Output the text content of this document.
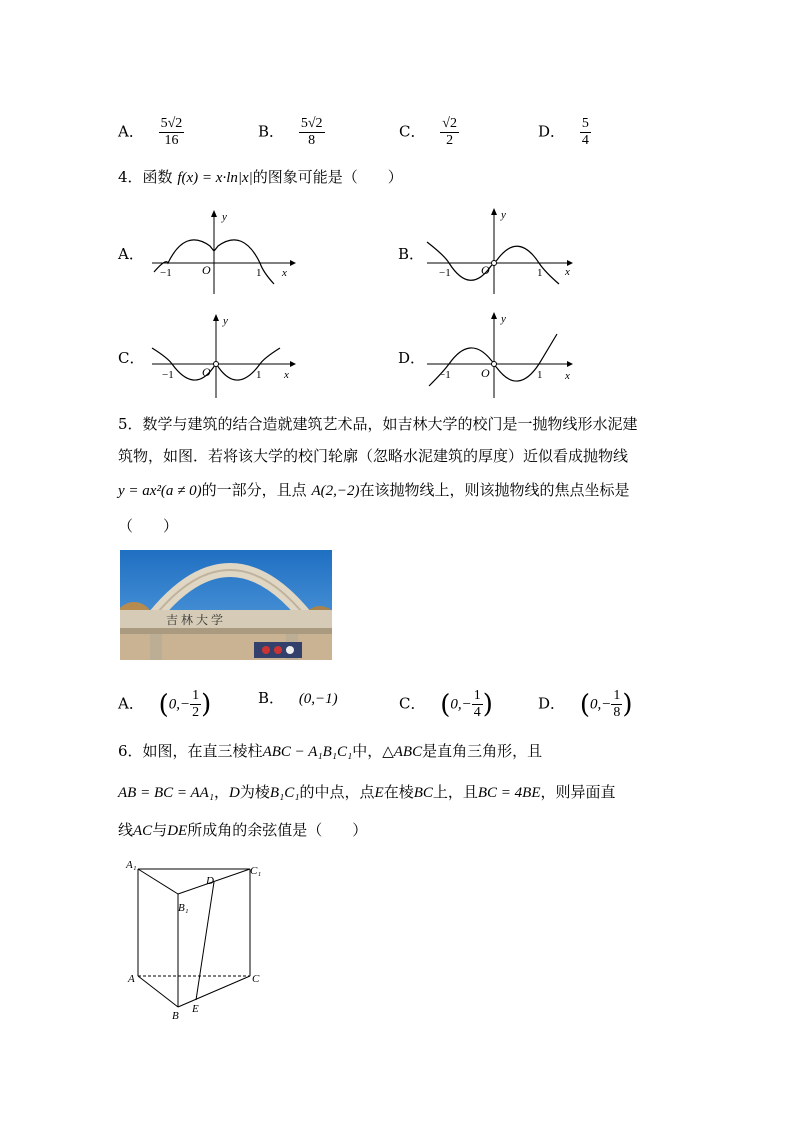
A． $\frac{5√2}{16}$	B． $\frac{5√2}{8}$	C． $\frac{√2}{2}$	D． $\frac{5}{4}$
4．函数 f(x) = x·ln|x|的图象可能是（　　）
A．
y
x
O
−1	1
B．
y
x
O
−1	1
C．
y
x
O
−1	1
D．
y
x
O
−1	1
5．数学与建筑的结合造就建筑艺术品，如吉林大学的校门是一抛物线形水泥建
筑物，如图．若将该大学的校门轮廓（忽略水泥建筑的厚度）近似看成抛物线
y = ax²(a ≠ 0)的一部分，且点 A(2,−2)在该抛物线上，则该抛物线的焦点坐标是
（　　）
吉 林 大 学
A． ($0,- \frac{1}{2}$ )	B． (0,−1)	C． ($0,- \frac{1}{4}$ )	D． ($0,- \frac{1}{8}$ )
6．如图，在直三棱柱ABC − A₁B₁C₁中，△ABC是直角三角形，且
AB = BC = AA₁，D为棱B₁C₁的中点，点E在棱BC上，且BC = 4BE，则异面直
线AC与DE所成角的余弦值是（　　）
A₁	C₁
B₁
D
A	C
B
E
